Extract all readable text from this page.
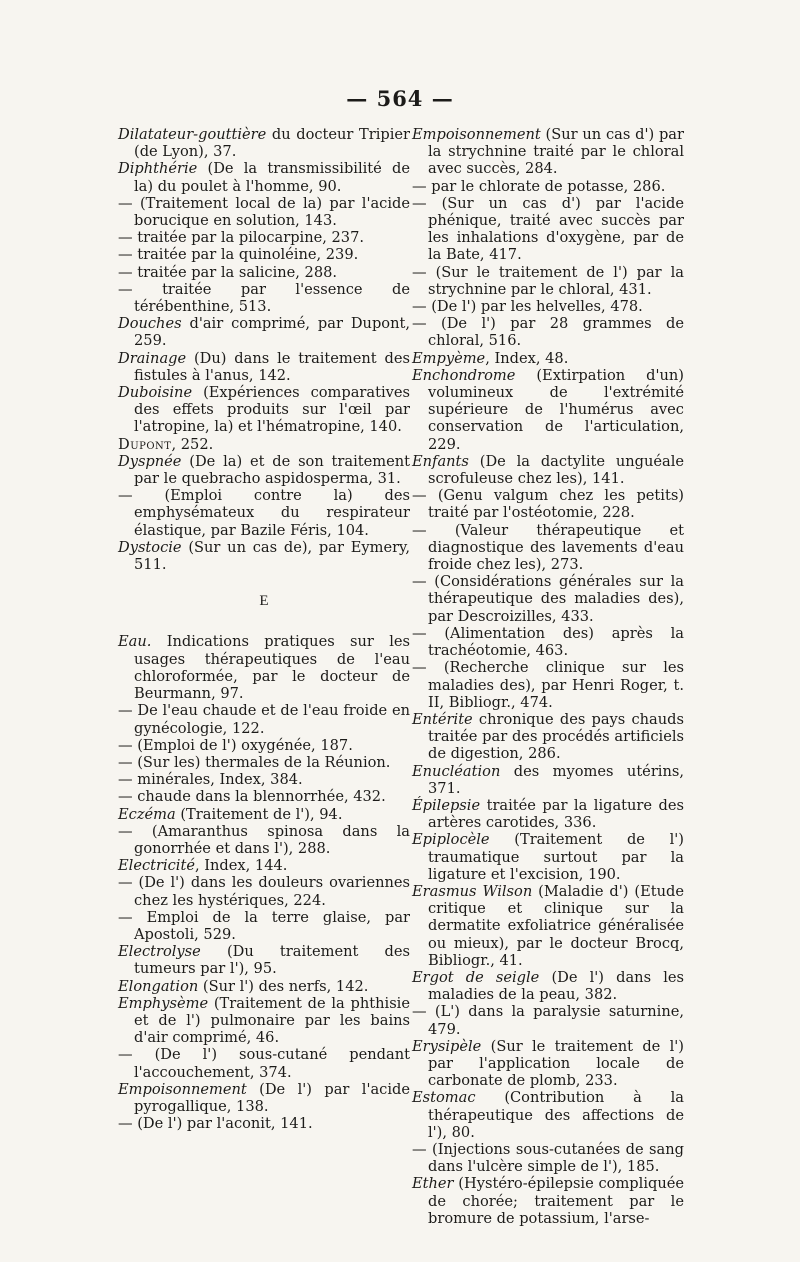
— 564 —

Dilatateur-gouttière du docteur Tripier (de Lyon), 37.

Diphthérie (De la transmissibilité de la) du poulet à l'homme, 90.

— (Traitement local de la) par l'acide borucique en solution, 143.

— traitée par la pilocarpine, 237.

— traitée par la quinoléine, 239.

— traitée par la salicine, 288.

— traitée par l'essence de térébenthine, 513.

Douches d'air comprimé, par Dupont, 259.

Drainage (Du) dans le traitement des fistules à l'anus, 142.

Duboisine (Expériences comparatives des effets produits sur l'œil par l'atropine, la) et l'hématropine, 140.

Dupont, 252.

Dyspnée (De la) et de son traitement par le quebracho aspidosperma, 31.

— (Emploi contre la) des emphysémateux du respirateur élastique, par Bazile Féris, 104.

Dystocie (Sur un cas de), par Eymery, 511.

E

Eau. Indications pratiques sur les usages thérapeutiques de l'eau chloroformée, par le docteur de Beurmann, 97.

— De l'eau chaude et de l'eau froide en gynécologie, 122.

— (Emploi de l') oxygénée, 187.

— (Sur les) thermales de la Réunion.

— minérales, Index, 384.

— chaude dans la blennorrhée, 432.

Eczéma (Traitement de l'), 94.

— (Amaranthus spinosa dans la gonorrhée et dans l'), 288.

Electricité, Index, 144.

— (De l') dans les douleurs ovariennes chez les hystériques, 224.

— Emploi de la terre glaise, par Apostoli, 529.

Electrolyse (Du traitement des tumeurs par l'), 95.

Elongation (Sur l') des nerfs, 142.

Emphysème (Traitement de la phthisie et de l') pulmonaire par les bains d'air comprimé, 46.

— (De l') sous-cutané pendant l'accouchement, 374.

Empoisonnement (De l') par l'acide pyrogallique, 138.

— (De l') par l'aconit, 141.

Empoisonnement (Sur un cas d') par la strychnine traité par le chloral avec succès, 284.

— par le chlorate de potasse, 286.

— (Sur un cas d') par l'acide phénique, traité avec succès par les inhalations d'oxygène, par de la Bate, 417.

— (Sur le traitement de l') par la strychnine par le chloral, 431.

— (De l') par les helvelles, 478.

— (De l') par 28 grammes de chloral, 516.

Empyème, Index, 48.

Enchondrome (Extirpation d'un) volumineux de l'extrémité supérieure de l'humérus avec conservation de l'articulation, 229.

Enfants (De la dactylite unguéale scrofuleuse chez les), 141.

— (Genu valgum chez les petits) traité par l'ostéotomie, 228.

— (Valeur thérapeutique et diagnostique des lavements d'eau froide chez les), 273.

— (Considérations générales sur la thérapeutique des maladies des), par Descroizilles, 433.

— (Alimentation des) après la trachéotomie, 463.

— (Recherche clinique sur les maladies des), par Henri Roger, t. II, Bibliogr., 474.

Entérite chronique des pays chauds traitée par des procédés artificiels de digestion, 286.

Enucléation des myomes utérins, 371.

Épilepsie traitée par la ligature des artères carotides, 336.

Epiplocèle (Traitement de l') traumatique surtout par la ligature et l'excision, 190.

Erasmus Wilson (Maladie d') (Etude critique et clinique sur la dermatite exfoliatrice généralisée ou mieux), par le docteur Brocq, Bibliogr., 41.

Ergot de seigle (De l') dans les maladies de la peau, 382.

— (L') dans la paralysie saturnine, 479.

Erysipèle (Sur le traitement de l') par l'application locale de carbonate de plomb, 233.

Estomac (Contribution à la thérapeutique des affections de l'), 80.

— (Injections sous-cutanées de sang dans l'ulcère simple de l'), 185.

Ether (Hystéro-épilepsie compliquée de chorée; traitement par le bromure de potassium, l'arse-
